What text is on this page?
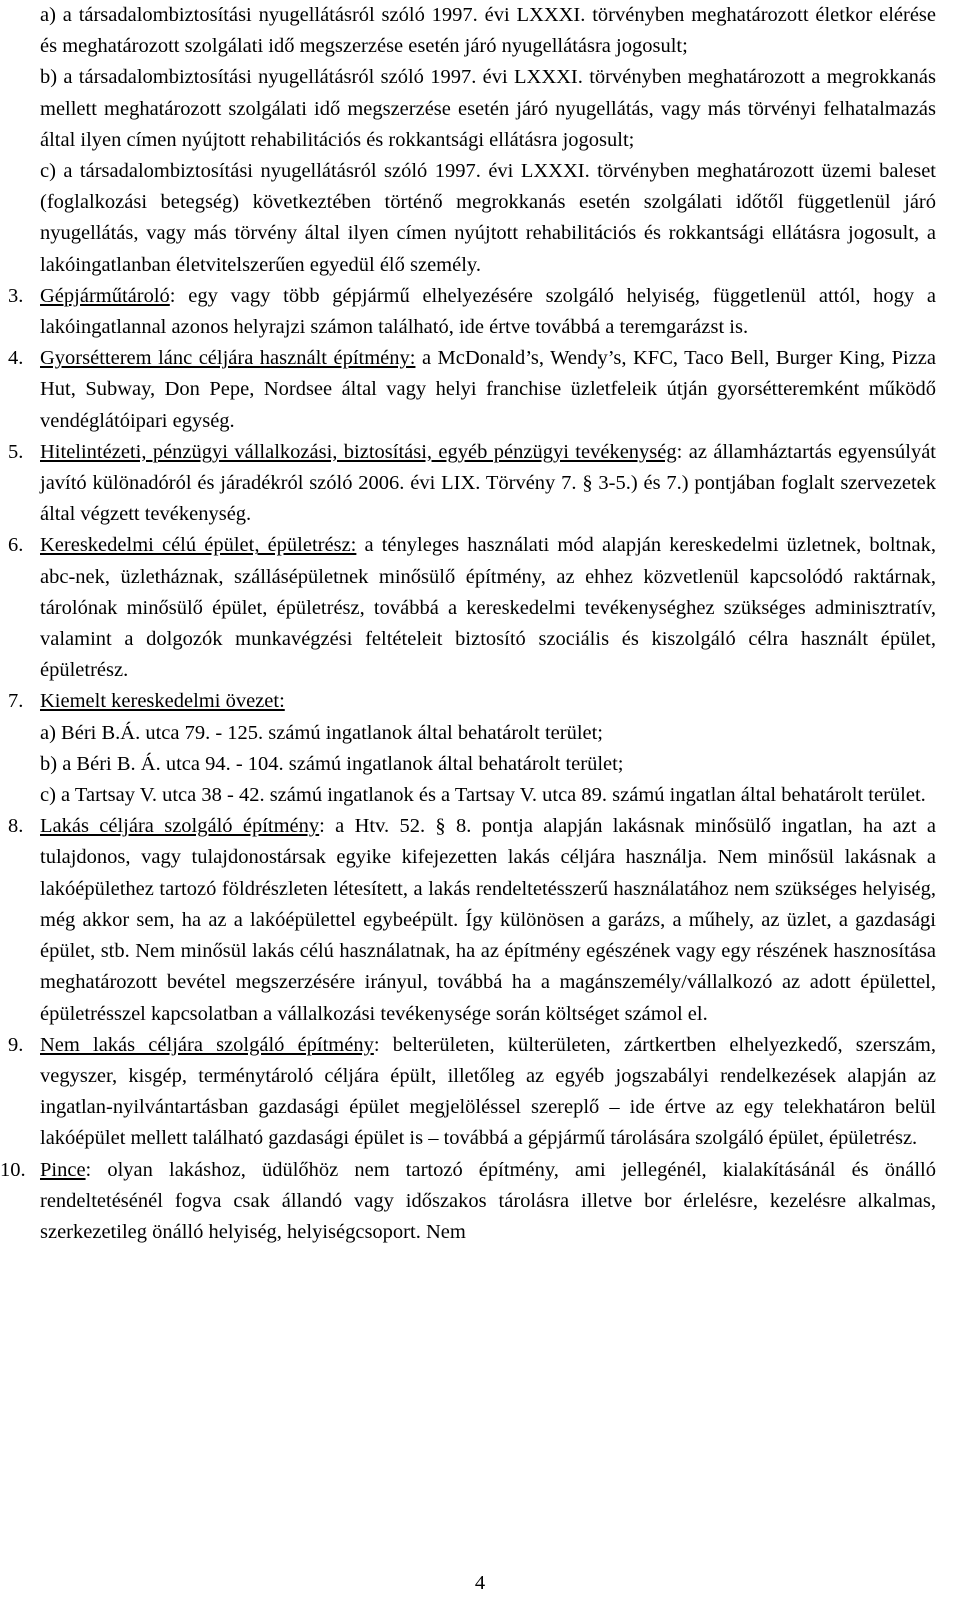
a) a társadalombiztosítási nyugellátásról szóló 1997. évi LXXXI. törvényben meghatározott életkor elérése és meghatározott szolgálati idő megszerzése esetén járó nyugellátásra jogosult;

b) a társadalombiztosítási nyugellátásról szóló 1997. évi LXXXI. törvényben meghatározott a megrokkanás mellett meghatározott szolgálati idő megszerzése esetén járó nyugellátás, vagy más törvényi felhatalmazás által ilyen címen nyújtott rehabilitációs és rokkantsági ellátásra jogosult;

c) a társadalombiztosítási nyugellátásról szóló 1997. évi LXXXI. törvényben meghatározott üzemi baleset (foglalkozási betegség) következtében történő megrokkanás esetén szolgálati időtől függetlenül járó nyugellátás, vagy más törvény által ilyen címen nyújtott rehabilitációs és rokkantsági ellátásra jogosult, a lakóingatlanban életvitelszerűen egyedül élő személy.

3. Gépjárműtároló: egy vagy több gépjármű elhelyezésére szolgáló helyiség, függetlenül attól, hogy a lakóingatlannal azonos helyrajzi számon található, ide értve továbbá a teremgarázst is.
4. Gyorsétterem lánc céljára használt építmény: a McDonald’s, Wendy’s, KFC, Taco Bell, Burger King, Pizza Hut, Subway, Don Pepe, Nordsee által vagy helyi franchise üzletfeleik útján gyorsétteremként működő vendéglátóipari egység.
5. Hitelintézeti, pénzügyi vállalkozási, biztosítási, egyéb pénzügyi tevékenység: az államháztartás egyensúlyát javító különadóról és járadékról szóló 2006. évi LIX. Törvény 7. § 3-5.) és 7.) pontjában foglalt szervezetek által végzett tevékenység.
6. Kereskedelmi célú épület, épületrész: a tényleges használati mód alapján kereskedelmi üzletnek, boltnak, abc-nek, üzletháznak, szállásépületnek minősülő építmény, az ehhez közvetlenül kapcsolódó raktárnak, tárolónak minősülő épület, épületrész, továbbá a kereskedelmi tevékenységhez szükséges adminisztratív, valamint a dolgozók munkavégzési feltételeit biztosító szociális és kiszolgáló célra használt épület, épületrész.
7. Kiemelt kereskedelmi övezet:

a) Béri B.Á. utca 79. - 125. számú ingatlanok által behatárolt terület;

b) a Béri B. Á. utca 94. - 104. számú ingatlanok által behatárolt terület;

c) a Tartsay V. utca 38 - 42. számú ingatlanok és a Tartsay V. utca 89. számú ingatlan által behatárolt terület.

8. Lakás céljára szolgáló építmény: a Htv. 52. § 8. pontja alapján lakásnak minősülő ingatlan, ha azt a tulajdonos, vagy tulajdonostársak egyike kifejezetten lakás céljára használja. Nem minősül lakásnak a lakóépülethez tartozó földrészleten létesített, a lakás rendeltetésszerű használatához nem szükséges helyiség, még akkor sem, ha az a lakóépülettel egybeépült. Így különösen a garázs, a műhely, az üzlet, a gazdasági épület, stb. Nem minősül lakás célú használatnak, ha az építmény egészének vagy egy részének hasznosítása meghatározott bevétel megszerzésére irányul, továbbá ha a magánszemély/vállalkozó az adott épülettel, épületrésszel kapcsolatban a vállalkozási tevékenysége során költséget számol el.
9. Nem lakás céljára szolgáló építmény: belterületen, külterületen, zártkertben elhelyezkedő, szerszám, vegyszer, kisgép, terménytároló céljára épült, illetőleg az egyéb jogszabályi rendelkezések alapján az ingatlan-nyilvántartásban gazdasági épület megjelöléssel szereplő – ide értve az egy telekhatáron belül lakóépület mellett található gazdasági épület is – továbbá a gépjármű tárolására szolgáló épület, épületrész.
10. Pince: olyan lakáshoz, üdülőhöz nem tartozó építmény, ami jellegénél, kialakításánál és önálló rendeltetésénél fogva csak állandó vagy időszakos tárolásra illetve bor érlelésre, kezelésre alkalmas, szerkezetileg önálló helyiség, helyiségcsoport. Nem
4
